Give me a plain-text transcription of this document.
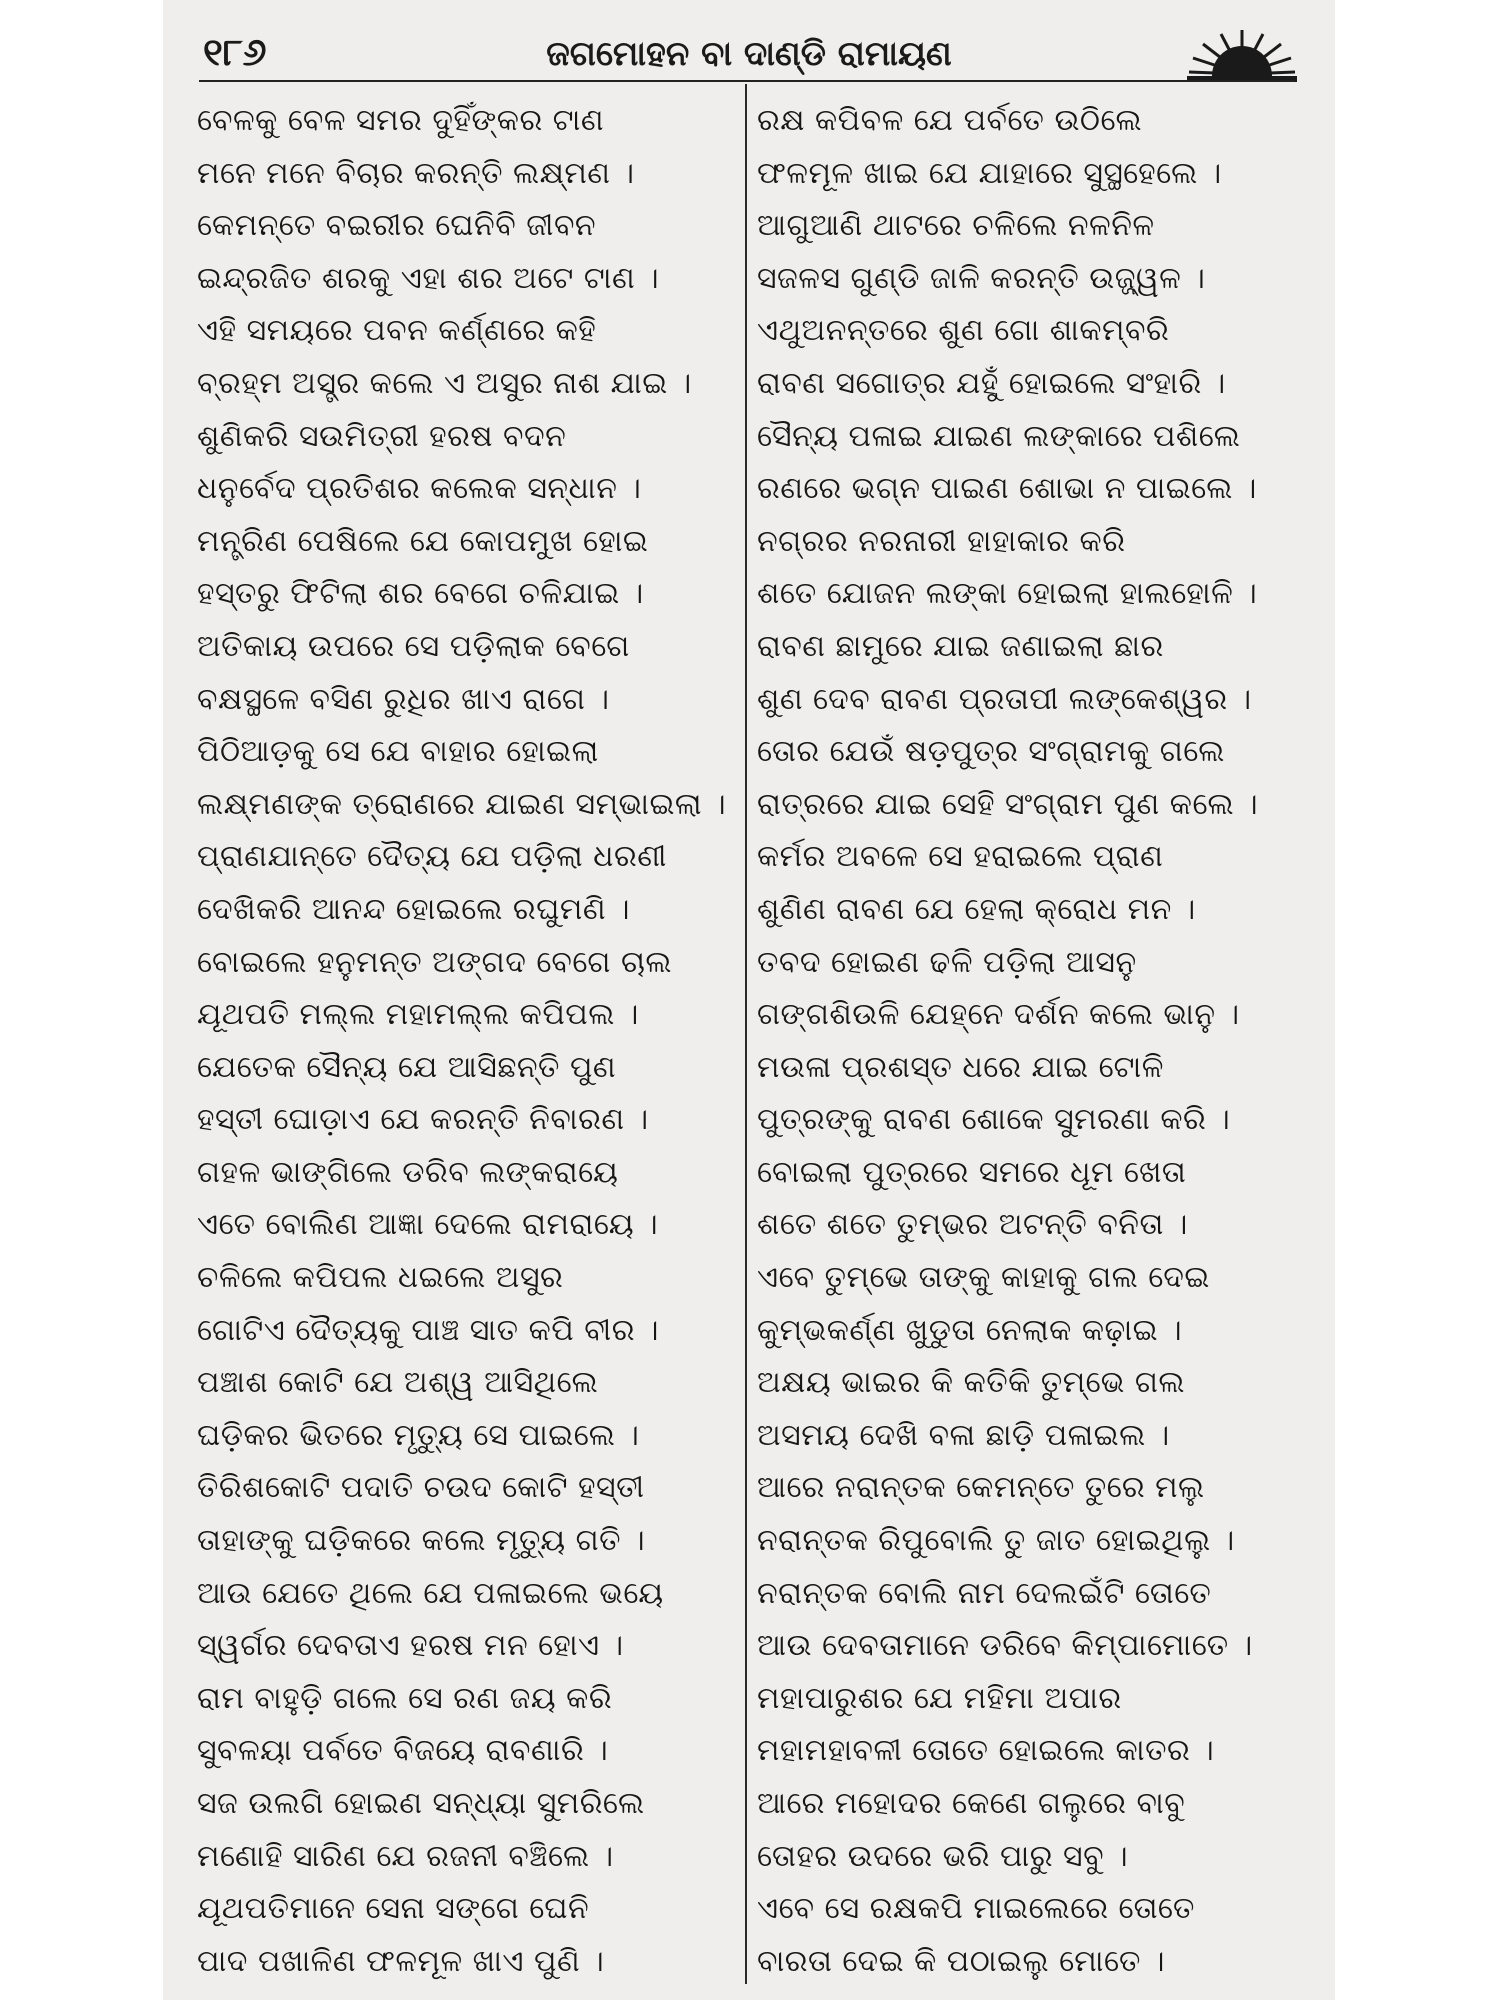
୧୮୬	ଜଗମୋହନ ବା ଦାଣ୍ଡି ରାମାୟଣ
ବେଳକୁ ବେଳ ସମର ଦୁହିଁଙ୍କର ଟାଣ
ମନେ ମନେ ବିଚାର କରନ୍ତି ଲକ୍ଷ୍ମଣ ।
କେମନ୍ତେ ବଇରୀର ଘେନିବି ଜୀବନ
ଇନ୍ଦ୍ରଜିତ ଶରକୁ ଏହା ଶର ଅଟେ ଟାଣ ।
ଏହି ସମୟରେ ପବନ କର୍ଣ୍ଣରେ କହି
ବ୍ରହ୍ମ ଅସ୍ତ୍ର କଲେ ଏ ଅସୁର ନାଶ ଯାଇ ।
ଶୁଣିକରି ସଉମିତ୍ରୀ ହରଷ ବଦନ
ଧନୁର୍ବେଦ ପ୍ରତିଶର କଲେକ ସନ୍ଧାନ ।
ମନ୍ତ୍ରିଣ ପେଷିଲେ ଯେ କୋପମୁଖ ହୋଇ
ହସ୍ତରୁ ଫିଟିଲା ଶର ବେଗେ ଚଳିଯାଇ ।
ଅତିକାୟ ଉପରେ ସେ ପଡ଼ିଲାକ ବେଗେ
ବକ୍ଷସ୍ଥଳେ ବସିଣ ରୁଧିର ଖାଏ ରାଗେ ।
ପିଠିଆଡ଼କୁ ସେ ଯେ ବାହାର ହୋଇଲା
ଲକ୍ଷ୍ମଣଙ୍କ ତ୍ରୋଣରେ ଯାଇଣ ସମ୍ଭାଇଲା ।
ପ୍ରାଣଯାନ୍ତେ ଦୈତ୍ୟ ଯେ ପଡ଼ିଲା ଧରଣୀ
ଦେଖିକରି ଆନନ୍ଦ ହୋଇଲେ ରଘୁମଣି ।
ବୋଇଲେ ହନୁମନ୍ତ ଅଙ୍ଗଦ ବେଗେ ଚାଲ
ଯୂଥପତି ମଲ୍ଲ ମହାମଲ୍ଲ କପିପଲ ।
ଯେତେକ ସୈନ୍ୟ ଯେ ଆସିଛନ୍ତି ପୁଣ
ହସ୍ତୀ ଘୋଡ଼ାଏ ଯେ କରନ୍ତି ନିବାରଣ ।
ଗହଳ ଭାଙ୍ଗିଲେ ଡରିବ ଲଙ୍କରାୟେ
ଏତେ ବୋଲିଣ ଆଜ୍ଞା ଦେଲେ ରାମରାୟେ ।
ଚଳିଲେ କପିପଲ ଧଇଲେ ଅସୁର
ଗୋଟିଏ ଦୈତ୍ୟକୁ ପାଞ୍ଚ ସାତ କପି ବୀର ।
ପଞ୍ଚାଶ କୋଟି ଯେ ଅଶ୍ୱ ଆସିଥିଲେ
ଘଡ଼ିକର ଭିତରେ ମୃତ୍ୟୁ ସେ ପାଇଲେ ।
ତିରିଶକୋଟି ପଦାତି ଚଉଦ କୋଟି ହସ୍ତୀ
ତାହାଙ୍କୁ ଘଡ଼ିକରେ କଲେ ମୃତ୍ୟୁ ଗତି ।
ଆଉ ଯେତେ ଥିଲେ ଯେ ପଳାଇଲେ ଭୟେ
ସ୍ୱର୍ଗର ଦେବତାଏ ହରଷ ମନ ହୋଏ ।
ରାମ ବାହୁଡ଼ି ଗଲେ ସେ ରଣ ଜୟ କରି
ସୁବଳୟା ପର୍ବତେ ବିଜୟେ ରାବଣାରି ।
ସଜ ଉଲଗି ହୋଇଣ ସନ୍ଧ୍ୟା ସୁମରିଲେ
ମଣୋହି ସାରିଣ ଯେ ରଜନୀ ବଞ୍ଚିଲେ ।
ଯୂଥପତିମାନେ ସେନା ସଙ୍ଗେ ଘେନି
ପାଦ ପଖାଳିଣ ଫଳମୂଳ ଖାଏ ପୁଣି ।
ରକ୍ଷ କପିବଳ ଯେ ପର୍ବତେ ଉଠିଲେ
ଫଳମୂଳ ଖାଇ ଯେ ଯାହାରେ ସୁସ୍ଥହେଲେ ।
ଆଗୁଆଣି ଥାଟରେ ଚଳିଲେ ନଳନିଳ
ସଜଳସ ଗୁଣ୍ଡି ଜାଳି କରନ୍ତି ଉଜ୍ଜ୍ୱଳ ।
ଏଥୁଅନନ୍ତରେ ଶୁଣ ଗୋ ଶାକମ୍ବରି
ରାବଣ ସଗୋତ୍ର ଯହୁଁ ହୋଇଲେ ସଂହାରି ।
ସୈନ୍ୟ ପଳାଇ ଯାଇଣ ଲଙ୍କାରେ ପଶିଲେ
ରଣରେ ଭଗ୍ନ ପାଇଣ ଶୋଭା ନ ପାଇଲେ ।
ନଗ୍ରର ନରନାରୀ ହାହାକାର କରି
ଶତେ ଯୋଜନ ଲଙ୍କା ହୋଇଲା ହାଲହୋଳି ।
ରାବଣ ଛାମୁରେ ଯାଇ ଜଣାଇଲା ଛାର
ଶୁଣ ଦେବ ରାବଣ ପ୍ରତାପୀ ଲଙ୍କେଶ୍ୱର ।
ତୋର ଯେଉଁ ଷଡ଼ପୁତ୍ର ସଂଗ୍ରାମକୁ ଗଲେ
ରାତ୍ରରେ ଯାଇ ସେହି ସଂଗ୍ରାମ ପୁଣ କଲେ ।
କର୍ମର ଅବଳେ ସେ ହରାଇଲେ ପ୍ରାଣ
ଶୁଣିଣ ରାବଣ ଯେ ହେଲା କ୍ରୋଧ ମନ ।
ତବଦ ହୋଇଣ ଢଳି ପଡ଼ିଲା ଆସନୁ
ଗଙ୍ଗଶିଉଳି ଯେହ୍ନେ ଦର୍ଶନ କଲେ ଭାନୁ ।
ମଉଳା ପ୍ରଶସ୍ତ ଧରେ ଯାଇ ଟୋଳି
ପୁତ୍ରଙ୍କୁ ରାବଣ ଶୋକେ ସୁମରଣା କରି ।
ବୋଇଲା ପୁତ୍ରରେ ସମରେ ଧୂମ ଖେତା
ଶତେ ଶତେ ତୁମ୍ଭର ଅଟନ୍ତି ବନିତା ।
ଏବେ ତୁମ୍ଭେ ତାଙ୍କୁ କାହାକୁ ଗଲ ଦେଇ
କୁମ୍ଭକର୍ଣ୍ଣ ଖୁଡୁତା ନେଲାକ କଢ଼ାଇ ।
ଅକ୍ଷୟ ଭାଇର କି କତିକି ତୁମ୍ଭେ ଗଲ
ଅସମୟ ଦେଖି ବଳା ଛାଡ଼ି ପଳାଇଲ ।
ଆରେ ନରାନ୍ତକ କେମନ୍ତେ ତୁରେ ମଲୁ
ନରାନ୍ତକ ରିପୁବୋଲି ତୁ ଜାତ ହୋଇଥିଲୁ ।
ନରାନ୍ତକ ବୋଲି ନାମ ଦେଲଇଁଟି ତୋତେ
ଆଉ ଦେବତାମାନେ ଡରିବେ କିମ୍ପାମୋତେ ।
ମହାପାରୁଶର ଯେ ମହିମା ଅପାର
ମହାମହାବଳୀ ତୋତେ ହୋଇଲେ କାତର ।
ଆରେ ମହୋଦର କେଣେ ଗଲୁରେ ବାବୁ
ତୋହର ଉଦରେ ଭରି ପାରୁ ସବୁ ।
ଏବେ ସେ ରକ୍ଷକପି ମାଇଲେରେ ତୋତେ
ବାରତା ଦେଇ କି ପଠାଇଲୁ ମୋତେ ।
